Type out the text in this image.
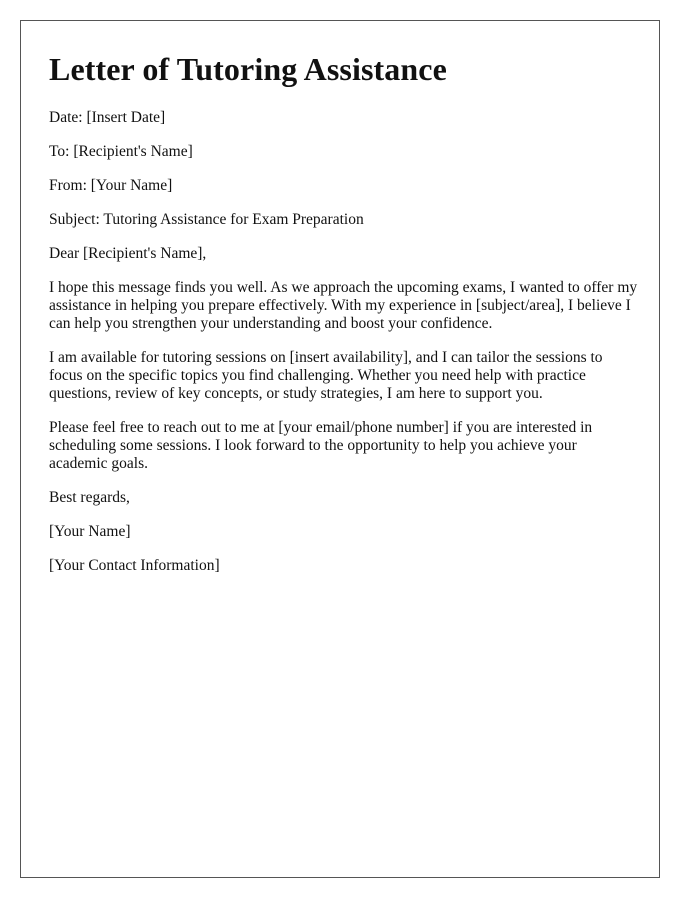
Letter of Tutoring Assistance

Date: [Insert Date]

To: [Recipient's Name]

From: [Your Name]

Subject: Tutoring Assistance for Exam Preparation

Dear [Recipient's Name],

I hope this message finds you well. As we approach the upcoming exams, I wanted to offer my assistance in helping you prepare effectively. With my experience in [subject/area], I believe I can help you strengthen your understanding and boost your confidence.

I am available for tutoring sessions on [insert availability], and I can tailor the sessions to focus on the specific topics you find challenging. Whether you need help with practice questions, review of key concepts, or study strategies, I am here to support you.

Please feel free to reach out to me at [your email/phone number] if you are interested in scheduling some sessions. I look forward to the opportunity to help you achieve your academic goals.

Best regards,

[Your Name]

[Your Contact Information]
